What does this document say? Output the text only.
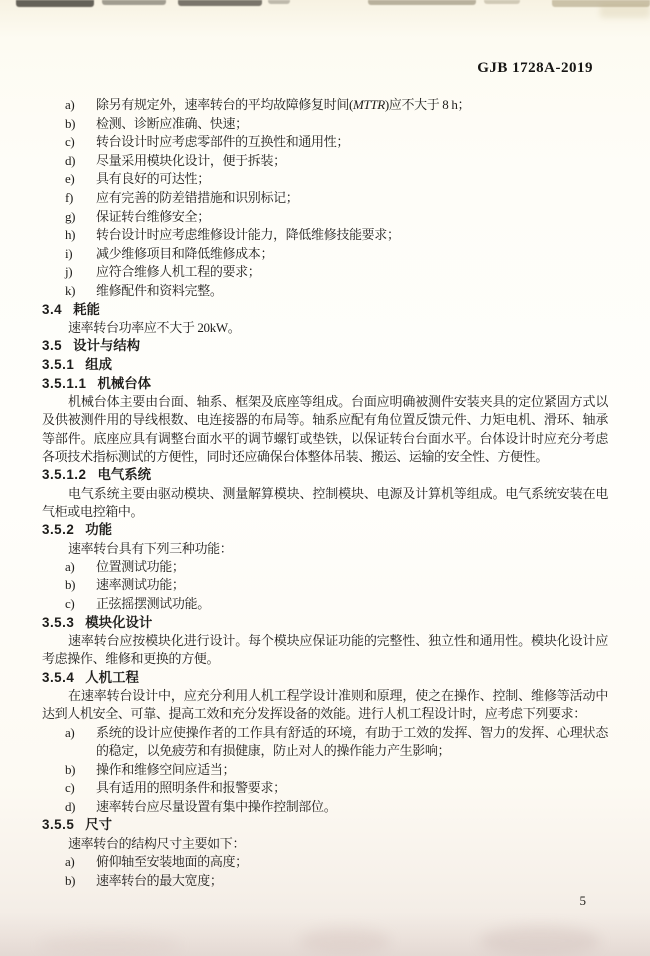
GJB 1728A-2019
a) 除另有规定外，速率转台的平均故障修复时间(MTTR)应不大于 8 h；
b) 检测、诊断应准确、快速；
c) 转台设计时应考虑零部件的互换性和通用性；
d) 尽量采用模块化设计，便于拆装；
e) 具有良好的可达性；
f) 应有完善的防差错措施和识别标记；
g) 保证转台维修安全；
h) 转台设计时应考虑维修设计能力，降低维修技能要求；
i) 减少维修项目和降低维修成本；
j) 应符合维修人机工程的要求；
k) 维修配件和资料完整。
3.4 耗能
速率转台功率应不大于 20kW。
3.5 设计与结构
3.5.1 组成
3.5.1.1 机械台体
机械台体主要由台面、轴系、框架及底座等组成。台面应明确被测件安装夹具的定位紧固方式以及供被测件用的导线根数、电连接器的布局等。轴系应配有角位置反馈元件、力矩电机、滑环、轴承等部件。底座应具有调整台面水平的调节螺钉或垫铁，以保证转台台面水平。台体设计时应充分考虑各项技术指标测试的方便性，同时还应确保台体整体吊装、搬运、运输的安全性、方便性。
3.5.1.2 电气系统
电气系统主要由驱动模块、测量解算模块、控制模块、电源及计算机等组成。电气系统安装在电气柜或电控箱中。
3.5.2 功能
速率转台具有下列三种功能：
a) 位置测试功能；
b) 速率测试功能；
c) 正弦摇摆测试功能。
3.5.3 模块化设计
速率转台应按模块化进行设计。每个模块应保证功能的完整性、独立性和通用性。模块化设计应考虑操作、维修和更换的方便。
3.5.4 人机工程
在速率转台设计中，应充分利用人机工程学设计准则和原理，使之在操作、控制、维修等活动中达到人机安全、可靠、提高工效和充分发挥设备的效能。进行人机工程设计时，应考虑下列要求：
a) 系统的设计应使操作者的工作具有舒适的环境，有助于工效的发挥、智力的发挥、心理状态的稳定，以免疲劳和有损健康，防止对人的操作能力产生影响；
b) 操作和维修空间应适当；
c) 具有适用的照明条件和报警要求；
d) 速率转台应尽量设置有集中操作控制部位。
3.5.5 尺寸
速率转台的结构尺寸主要如下：
a) 俯仰轴至安装地面的高度；
b) 速率转台的最大宽度；
5
